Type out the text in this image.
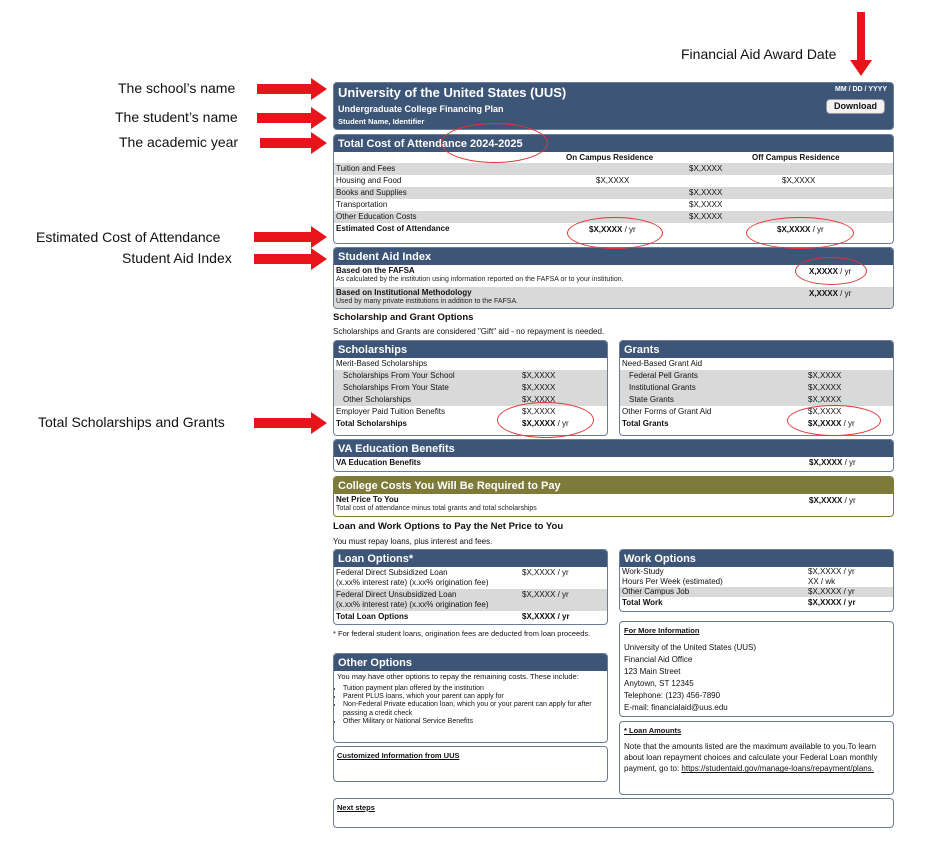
Financial Aid Award Date
The school’s name
The student’s name
The academic year
Estimated Cost of Attendance
Student Aid Index
Total Scholarships and Grants
University of the United States (UUS)
Undergraduate College Financing Plan
Student Name, Identifier
MM / DD / YYYY
Download
Total Cost of Attendance 2024-2025
On Campus Residence	Off Campus Residence
Tuition and Fees	$X,XXXX
Housing and Food	$X,XXXX	$X,XXXX
Books and Supplies	$X,XXXX
Transportation	$X,XXXX
Other Education Costs	$X,XXXX
Estimated Cost of Attendance	$X,XXXX / yr	$X,XXXX / yr
Student Aid Index
Based on the FAFSA
As calculated by the institution using information reported on the FAFSA or to your institution.
X,XXXX / yr
Based on Institutional Methodology
Used by many private institutions in addition to the FAFSA.
X,XXXX / yr
Scholarship and Grant Options
Scholarships and Grants are considered "Gift" aid - no repayment is needed.
Scholarships
Merit-Based Scholarships
Scholarships From Your School	$X,XXXX
Scholarships From Your State	$X,XXXX
Other Scholarships	$X,XXXX
Employer Paid Tuition Benefits	$X,XXXX
Total Scholarships	$X,XXXX / yr
Grants
Need-Based Grant Aid
Federal Pell Grants	$X,XXXX
Institutional Grants	$X,XXXX
State Grants	$X,XXXX
Other Forms of Grant Aid	$X,XXXX
Total Grants	$X,XXXX / yr
VA Education Benefits
VA Education Benefits	$X,XXXX / yr
College Costs You Will Be Required to Pay
Net Price To You
Total cost of attendance minus total grants and total scholarships
$X,XXXX / yr
Loan and Work Options to Pay the Net Price to You
You must repay loans, plus interest and fees.
Loan Options*
Federal Direct Subsidized Loan
(x.xx% interest rate) (x.xx% origination fee)
$X,XXXX / yr
Federal Direct Unsubsidized Loan
(x.xx% interest rate) (x.xx% origination fee)
$X,XXXX / yr
Total Loan Options	$X,XXXX / yr
* For federal student loans, origination fees are deducted from loan proceeds.
Work Options
Work-Study	$X,XXXX / yr
Hours Per Week (estimated)	XX / wk
Other Campus Job	$X,XXXX / yr
Total Work	$X,XXXX / yr
Other Options
You may have other options to repay the remaining costs. These include:
• Tuition payment plan offered by the institution
• Parent PLUS loans, which your parent can apply for
• Non-Federal Private education loan, which you or your parent can apply for after passing a credit check
• Other Military or National Service Benefits
Customized Information from UUS
For More Information
University of the United States (UUS)
Financial Aid Office
123 Main Street
Anytown, ST 12345
Telephone: (123) 456-7890
E-mail: financialaid@uus.edu
* Loan Amounts
Note that the amounts listed are the maximum available to you.To learn about loan repayment choices and calculate your Federal Loan monthly payment, go to: https://studentaid.gov/manage-loans/repayment/plans.
Next steps
